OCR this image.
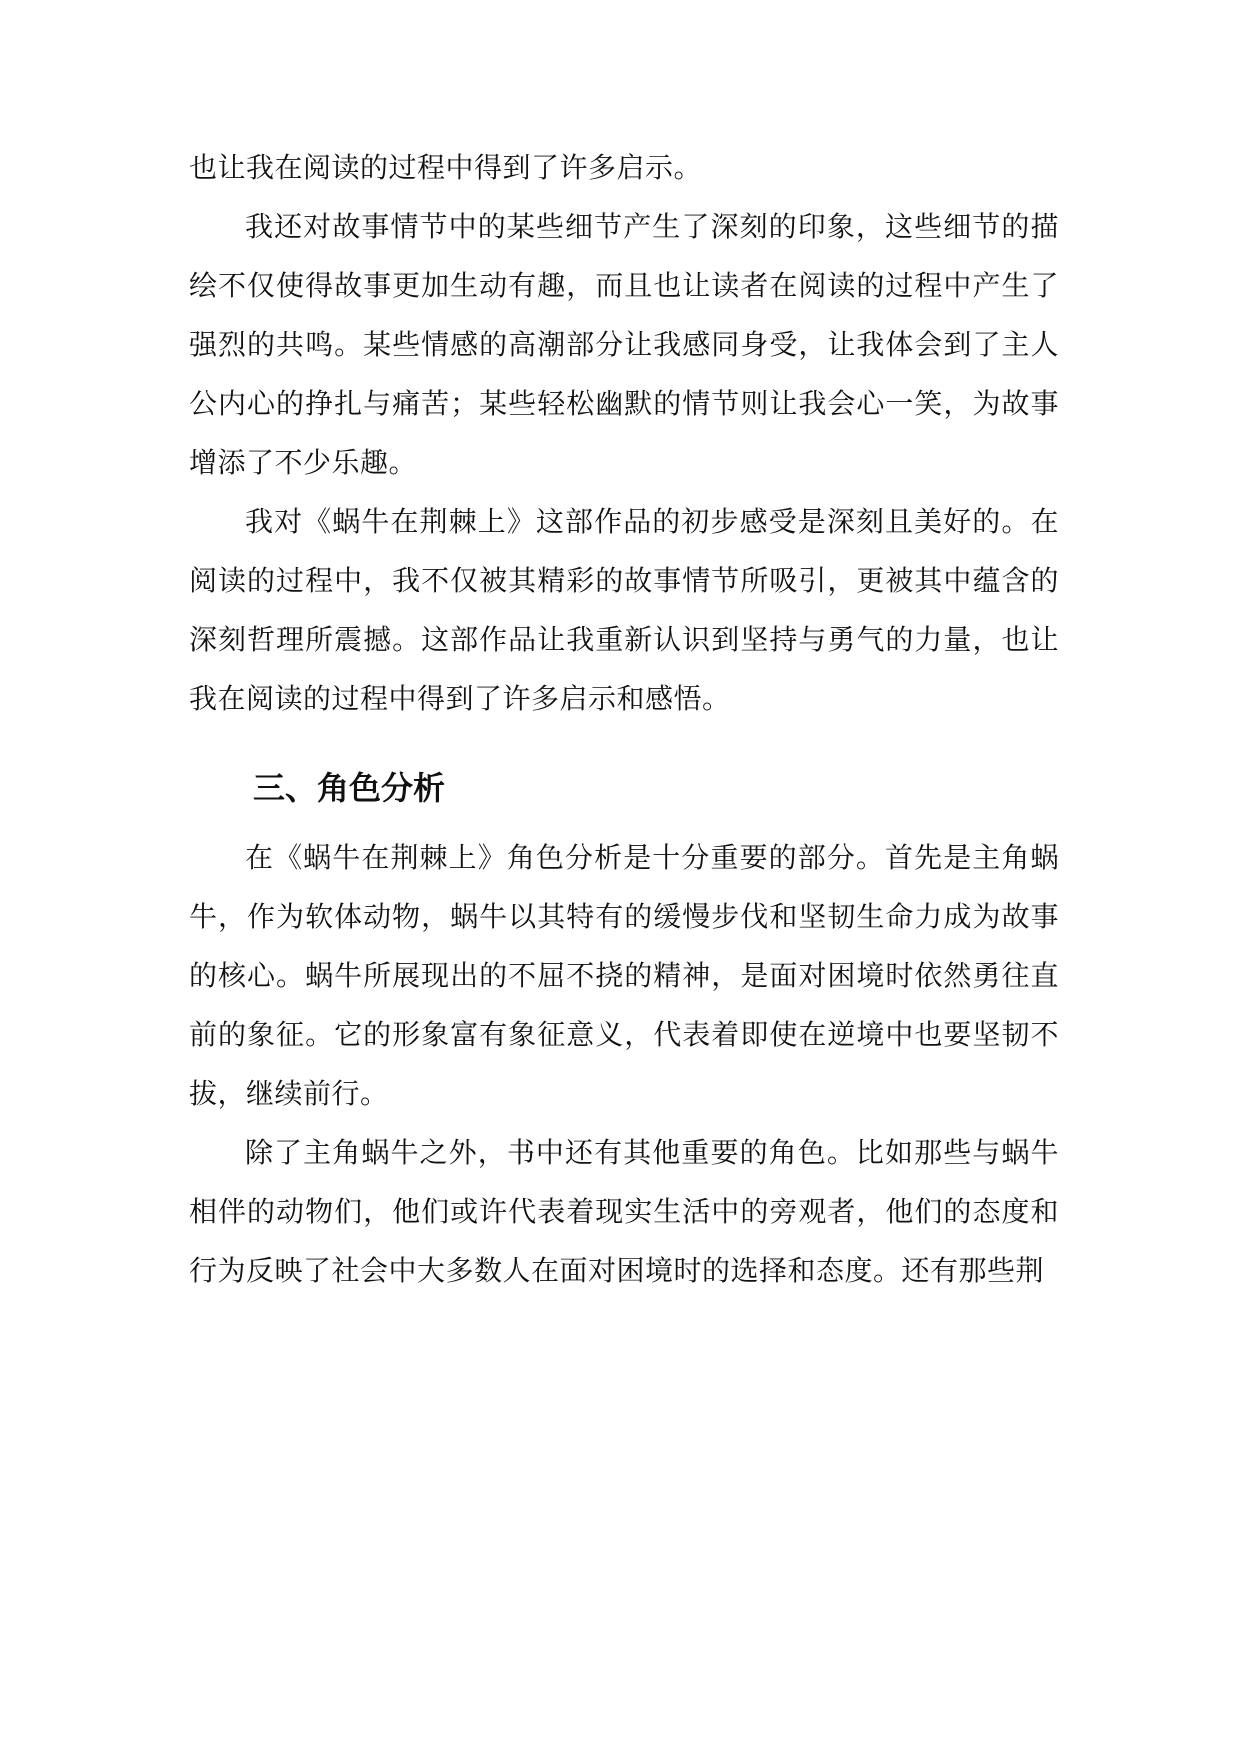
也让我在阅读的过程中得到了许多启示。

我还对故事情节中的某些细节产生了深刻的印象，这些细节的描绘不仅使得故事更加生动有趣，而且也让读者在阅读的过程中产生了强烈的共鸣。某些情感的高潮部分让我感同身受，让我体会到了主人公内心的挣扎与痛苦；某些轻松幽默的情节则让我会心一笑，为故事增添了不少乐趣。

我对《蜗牛在荆棘上》这部作品的初步感受是深刻且美好的。在阅读的过程中，我不仅被其精彩的故事情节所吸引，更被其中蕴含的深刻哲理所震撼。这部作品让我重新认识到坚持与勇气的力量，也让我在阅读的过程中得到了许多启示和感悟。

三、角色分析

在《蜗牛在荆棘上》角色分析是十分重要的部分。首先是主角蜗牛，作为软体动物，蜗牛以其特有的缓慢步伐和坚韧生命力成为故事的核心。蜗牛所展现出的不屈不挠的精神，是面对困境时依然勇往直前的象征。它的形象富有象征意义，代表着即使在逆境中也要坚韧不拔，继续前行。

除了主角蜗牛之外，书中还有其他重要的角色。比如那些与蜗牛相伴的动物们，他们或许代表着现实生活中的旁观者，他们的态度和行为反映了社会中大多数人在面对困境时的选择和态度。还有那些荆
